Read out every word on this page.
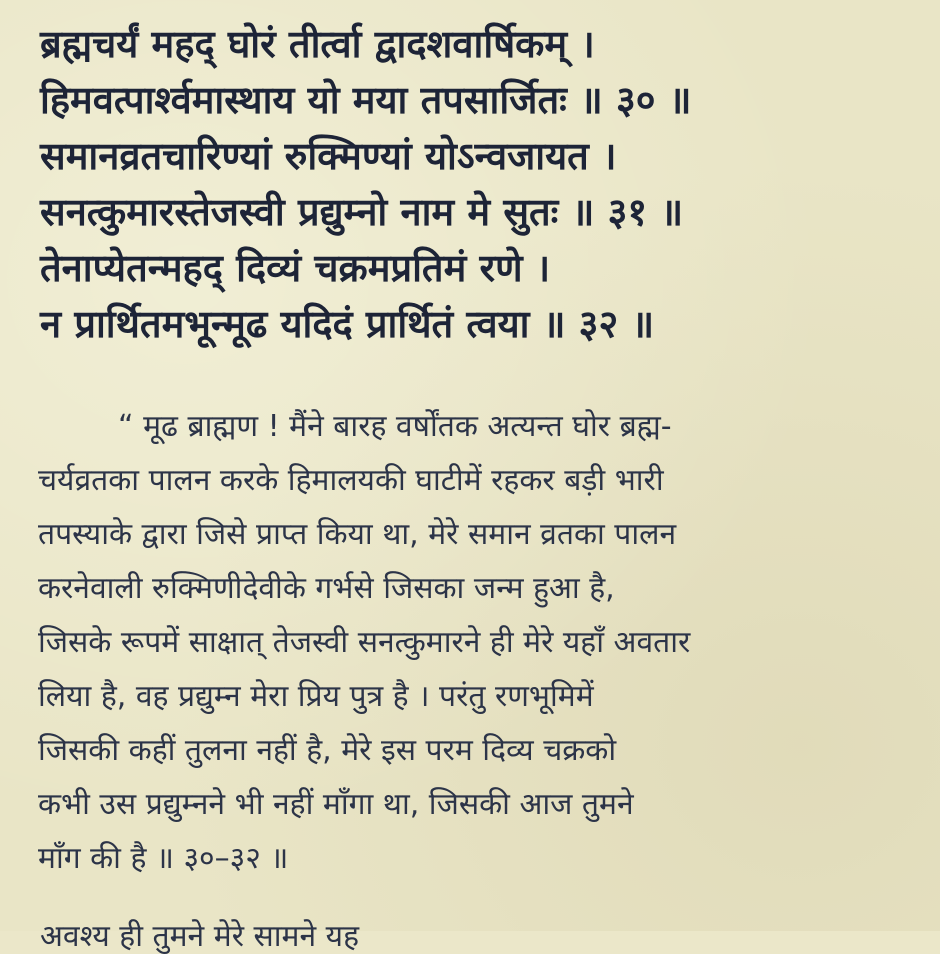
ब्रह्मचर्यं महद् घोरं तीर्त्वा द्वादशवार्षिकम् ।
हिमवत्पार्श्वमास्थाय यो मया तपसार्जितः ॥ ३० ॥
समानव्रतचारिण्यां रुक्मिण्यां योऽन्वजायत ।
सनत्कुमारस्तेजस्वी प्रद्युम्नो नाम मे सुतः ॥ ३१ ॥
तेनाप्येतन्महद् दिव्यं चक्रमप्रतिमं रणे ।
न प्रार्थितमभून्मूढ यदिदं प्रार्थितं त्वया ॥ ३२ ॥
“ मूढ ब्राह्मण ! मैंने बारह वर्षोंतक अत्यन्त घोर ब्रह्म-
चर्यव्रतका पालन करके हिमालयकी घाटीमें रहकर बड़ी भारी
तपस्याके द्वारा जिसे प्राप्त किया था, मेरे समान व्रतका पालन
करनेवाली रुक्मिणीदेवीके गर्भसे जिसका जन्म हुआ है,
जिसके रूपमें साक्षात् तेजस्वी सनत्कुमारने ही मेरे यहाँ अवतार
लिया है, वह प्रद्युम्न मेरा प्रिय पुत्र है । परंतु रणभूमिमें
जिसकी कहीं तुलना नहीं है, मेरे इस परम दिव्य चक्रको
कभी उस प्रद्युम्नने भी नहीं माँगा था, जिसकी आज तुमने
माँग की है ॥ ३०–३२ ॥
अवश्य ही तुमने मेरे सामने यह
